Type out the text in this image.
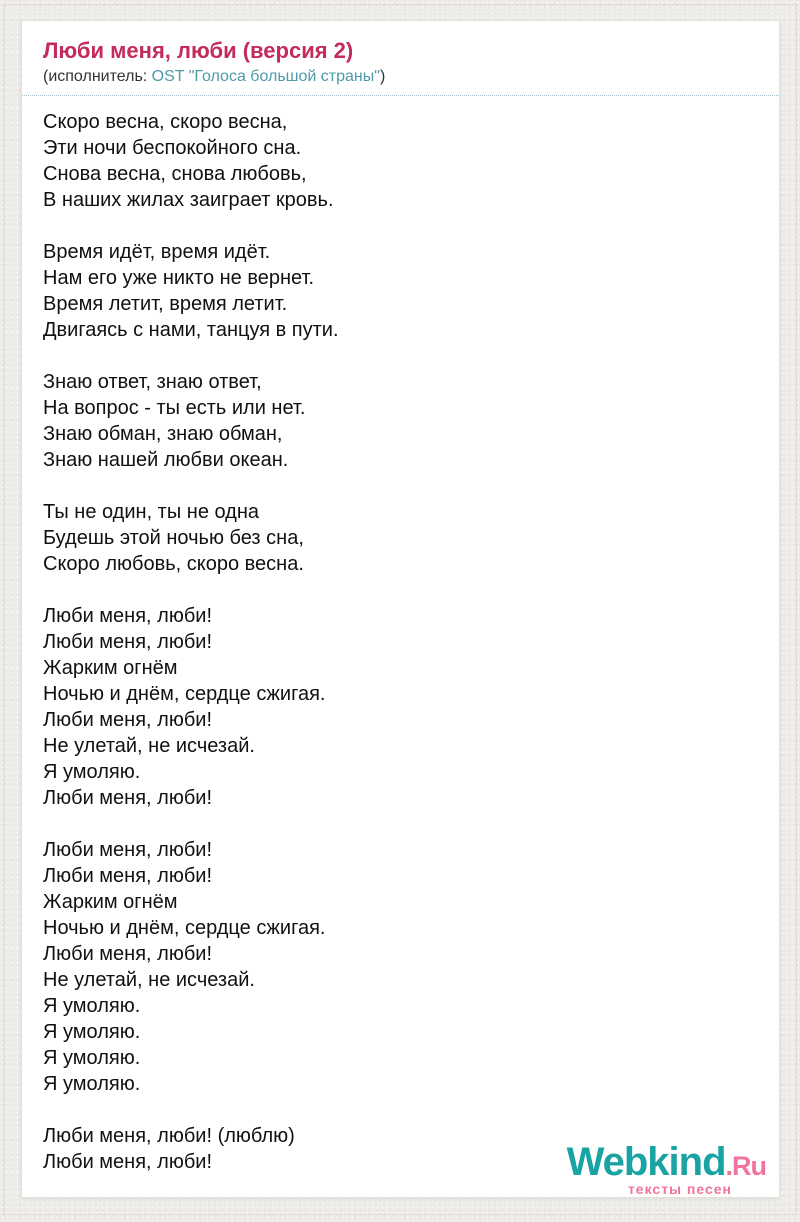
Люби меня, люби (версия 2)
(исполнитель: OST "Голоса большой страны")
Скоро весна, скоро весна,
Эти ночи беспокойного сна.
Снова весна, снова любовь,
В наших жилах заиграет кровь.
Время идёт, время идёт.
Нам его уже никто не вернет.
Время летит, время летит.
Двигаясь с нами, танцуя в пути.
Знаю ответ, знаю ответ,
На вопрос - ты есть или нет.
Знаю обман, знаю обман,
Знаю нашей любви океан.
Ты не один, ты не одна
Будешь этой ночью без сна,
Скоро любовь, скоро весна.
Люби меня, люби!
Люби меня, люби!
Жарким огнём
Ночью и днём, сердце сжигая.
Люби меня, люби!
Не улетай, не исчезай.
Я умоляю.
Люби меня, люби!
Люби меня, люби!
Люби меня, люби!
Жарким огнём
Ночью и днём, сердце сжигая.
Люби меня, люби!
Не улетай, не исчезай.
Я умоляю.
Я умоляю.
Я умоляю.
Я умоляю.
Люби меня, люби! (люблю)
Люби меня, люби!	Webkind.Ru
тексты песен
